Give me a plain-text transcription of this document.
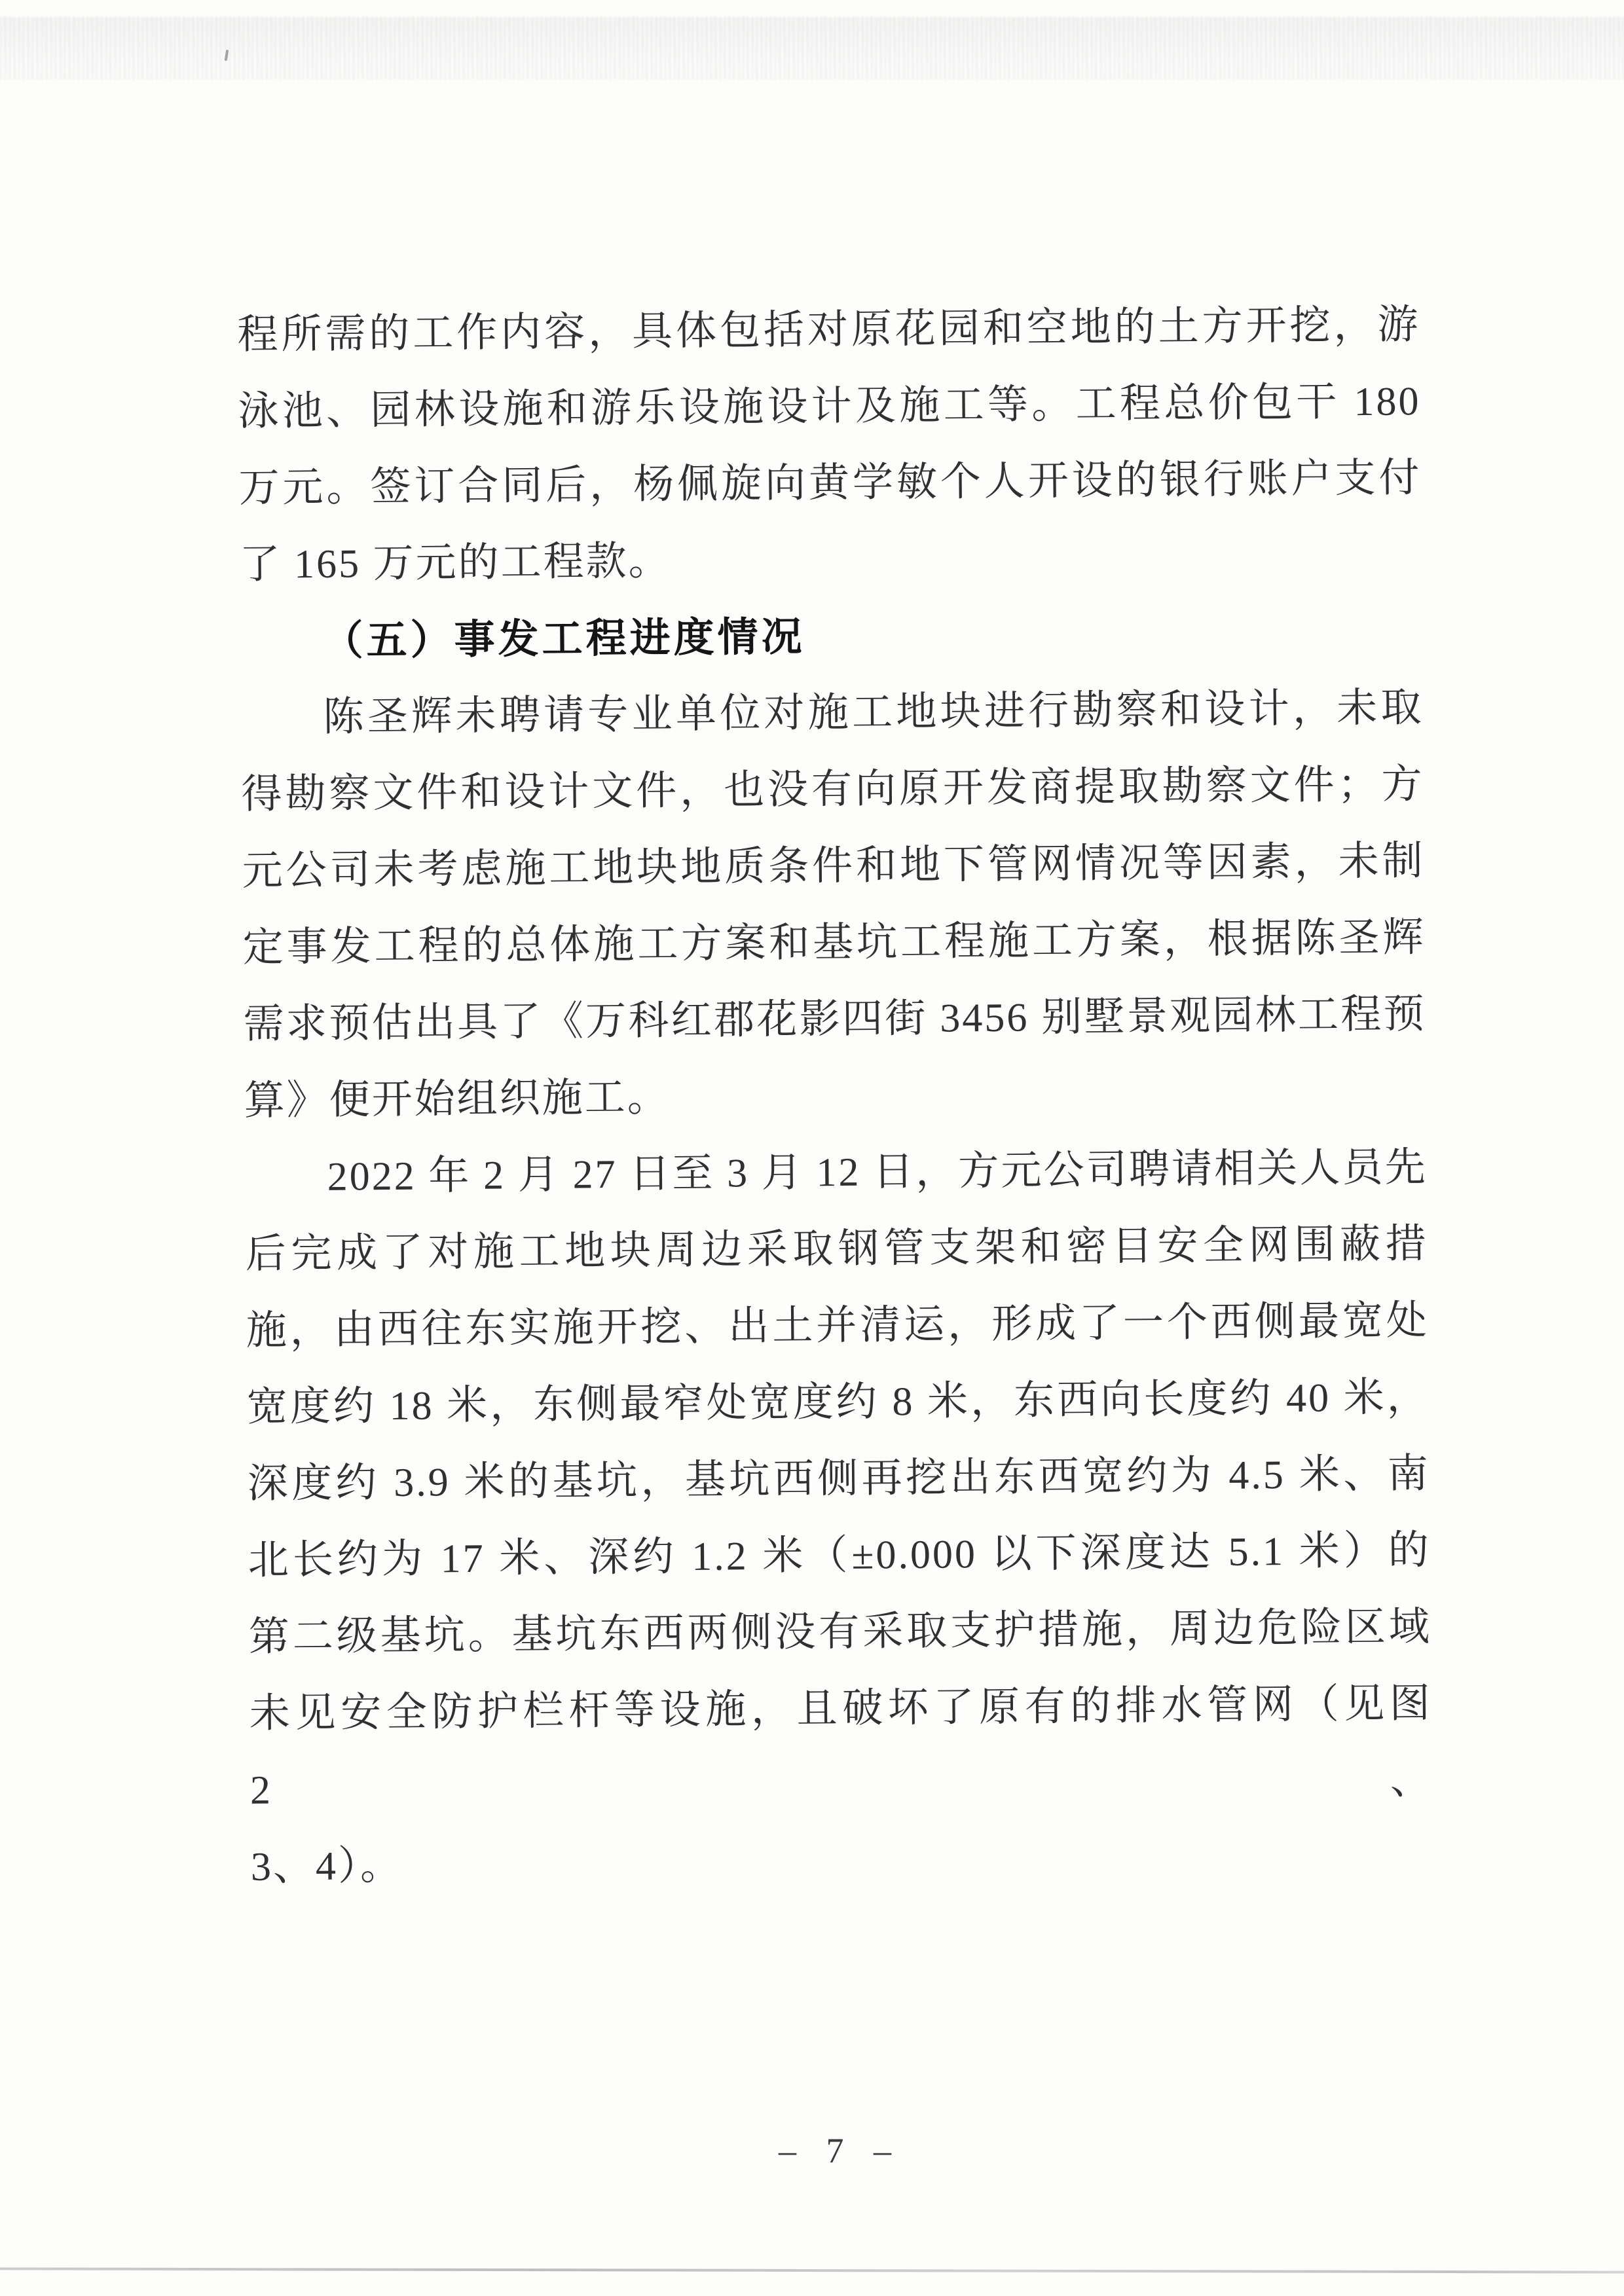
程所需的工作内容，具体包括对原花园和空地的土方开挖，游
泳池、园林设施和游乐设施设计及施工等。工程总价包干 180
万元。签订合同后，杨佩旋向黄学敏个人开设的银行账户支付
了 165 万元的工程款。
（五）事发工程进度情况
陈圣辉未聘请专业单位对施工地块进行勘察和设计，未取
得勘察文件和设计文件，也没有向原开发商提取勘察文件；方
元公司未考虑施工地块地质条件和地下管网情况等因素，未制
定事发工程的总体施工方案和基坑工程施工方案，根据陈圣辉
需求预估出具了《万科红郡花影四街 3456 别墅景观园林工程预
算》便开始组织施工。
2022 年 2 月 27 日至 3 月 12 日，方元公司聘请相关人员先
后完成了对施工地块周边采取钢管支架和密目安全网围蔽措
施，由西往东实施开挖、出土并清运，形成了一个西侧最宽处
宽度约 18 米，东侧最窄处宽度约 8 米，东西向长度约 40 米，
深度约 3.9 米的基坑，基坑西侧再挖出东西宽约为 4.5 米、南
北长约为 17 米、深约 1.2 米（±0.000 以下深度达 5.1 米）的
第二级基坑。基坑东西两侧没有采取支护措施，周边危险区域
未见安全防护栏杆等设施，且破坏了原有的排水管网（见图 2、
3、4）。
– 7 –
